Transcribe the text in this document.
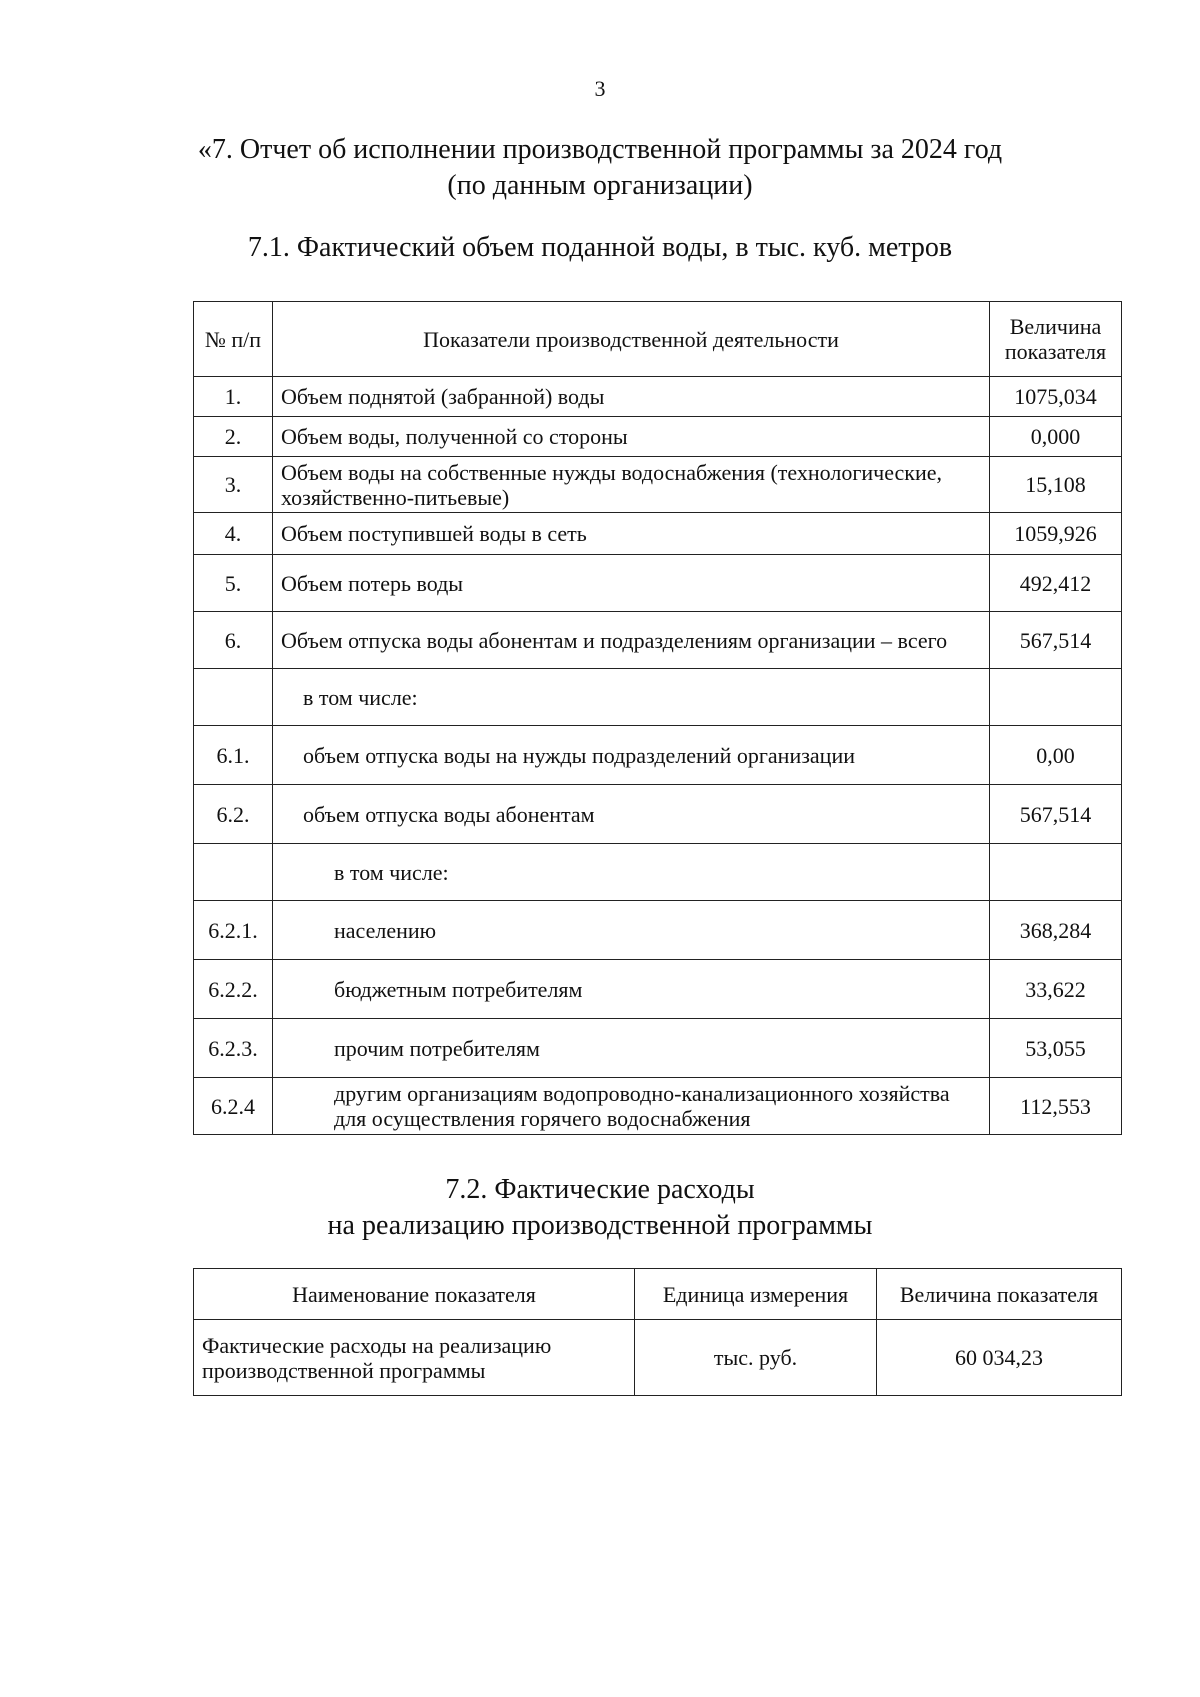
3
«7. Отчет об исполнении производственной программы за 2024 год
(по данным организации)
7.1. Фактический объем поданной воды, в тыс. куб. метров
№ п/п	Показатели производственной деятельности	Величина показателя
1.	Объем поднятой (забранной) воды	1075,034
2.	Объем воды, полученной со стороны	0,000
3.	Объем воды на собственные нужды водоснабжения (технологические, хозяйственно-питьевые)	15,108
4.	Объем поступившей воды в сеть	1059,926
5.	Объем потерь воды	492,412
6.	Объем отпуска воды абонентам и подразделениям организации – всего	567,514
	в том числе:	
6.1.	объем отпуска воды на нужды подразделений организации	0,00
6.2.	объем отпуска воды абонентам	567,514
	в том числе:	
6.2.1.	населению	368,284
6.2.2.	бюджетным потребителям	33,622
6.2.3.	прочим потребителям	53,055
6.2.4	другим организациям водопроводно-канализационного хозяйства для осуществления горячего водоснабжения	112,553
7.2. Фактические расходы
на реализацию производственной программы
Наименование показателя	Единица измерения	Величина показателя
Фактические расходы на реализацию производственной программы	тыс. руб.	60 034,23
